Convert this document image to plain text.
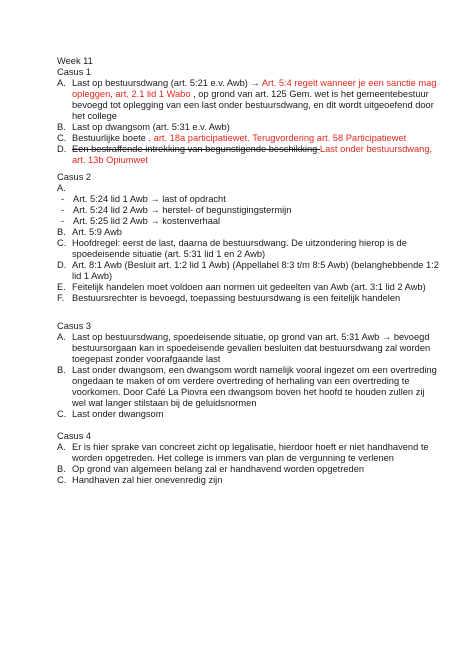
Week 11
Casus 1
A. Last op bestuursdwang (art. 5:21 e.v. Awb) → Art. 5:4 regelt wanneer je een sanctie mag
opleggen, art. 2.1 lid 1 Wabo , op grond van art. 125 Gem. wet is het gemeentebestuur
bevoegd tot oplegging van een last onder bestuursdwang, en dit wordt uitgeoefend door
het college
B. Last op dwangsom (art. 5:31 e.v. Awb)
C. Bestuurlijke boete , art. 18a participatiewet. Terugvordering art. 58 Participatiewet
D. Een bestraffende intrekking van begunstigende beschikking Last onder bestuursdwang,
art. 13b Opiumwet
Casus 2
A.
- Art. 5:24 lid 1 Awb → last of opdracht
- Art. 5:24 lid 2 Awb → herstel- of begunstigingstermijn
- Art. 5:25 lid 2 Awb → kostenverhaal
B. Art. 5:9 Awb
C. Hoofdregel: eerst de last, daarna de bestuursdwang. De uitzondering hierop is de
spoedeisende situatie (art. 5:31 lid 1 en 2 Awb)
D. Art. 8:1 Awb (Besluit art. 1:2 lid 1 Awb) (Appellabel 8:3 t/m 8:5 Awb) (belanghebbende 1:2
lid 1 Awb)
E. Feitelijk handelen moet voldoen aan normen uit gedeelten van Awb (art. 3:1 lid 2 Awb)
F. Bestuursrechter is bevoegd, toepassing bestuursdwang is een feitelijk handelen
Casus 3
A. Last op bestuursdwang, spoedeisende situatie, op grond van art. 5:31 Awb → bevoegd
bestuursorgaan kan in spoedeisende gevallen besluiten dat bestuursdwang zal worden
toegepast zonder voorafgaande last
B. Last onder dwangsom, een dwangsom wordt namelijk vooral ingezet om een overtreding
ongedaan te maken of om verdere overtreding of herhaling van een overtreding te
voorkomen. Door Café La Piovra een dwangsom boven het hoofd te houden zullen zij
wel wat langer stilstaan bij de geluidsnormen
C. Last onder dwangsom
Casus 4
A. Er is hier sprake van concreet zicht op legalisatie, hierdoor hoeft er niet handhavend te
worden opgetreden. Het college is immers van plan de vergunning te verlenen
B. Op grond van algemeen belang zal er handhavend worden opgetreden
C. Handhaven zal hier onevenredig zijn
